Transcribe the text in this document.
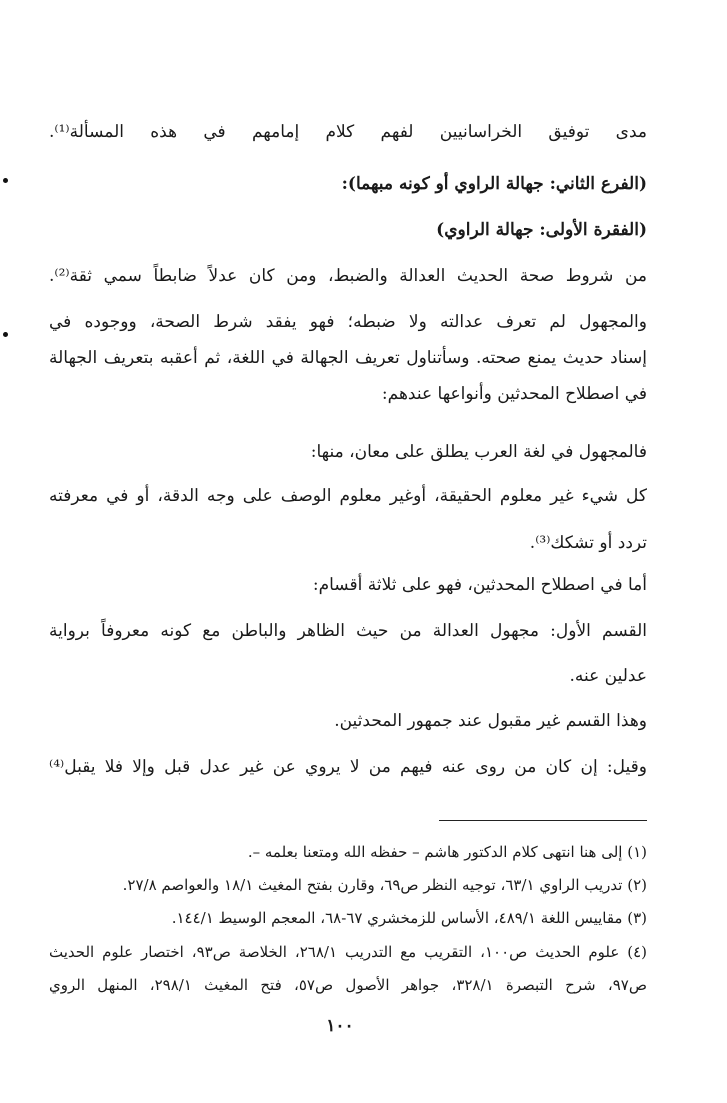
مدى توفيق الخراسانيين لفهم كلام إمامهم في هذه المسألة⁽¹⁾.
(الفرع الثاني: جهالة الراوي أو كونه مبهما):
(الفقرة الأولى: جهالة الراوي)
من شروط صحة الحديث العدالة والضبط، ومن كان عدلاً ضابطاً سمي ثقة⁽²⁾.
والمجهول لم تعرف عدالته ولا ضبطه؛ فهو يفقد شرط الصحة، ووجوده في
إسناد حديث يمنع صحته. وسأتناول تعريف الجهالة في اللغة، ثم أعقبه بتعريف الجهالة
في اصطلاح المحدثين وأنواعها عندهم:
فالمجهول في لغة العرب يطلق على معان، منها:
كل شيء غير معلوم الحقيقة، أوغير معلوم الوصف على وجه الدقة، أو في معرفته
تردد أو تشكك⁽³⁾.
أما في اصطلاح المحدثين، فهو على ثلاثة أقسام:
القسم الأول: مجهول العدالة من حيث الظاهر والباطن مع كونه معروفاً برواية
عدلين عنه.
وهذا القسم غير مقبول عند جمهور المحدثين.
وقيل: إن كان من روى عنه فيهم من لا يروي عن غير عدل قبل وإلا فلا يقبل⁽⁴⁾
(١) إلى هنا انتهى كلام الدكتور هاشم – حفظه الله ومتعنا بعلمه –.
(٢) تدريب الراوي ٦٣/١، توجيه النظر ص٦٩، وقارن بفتح المغيث ١٨/١ والعواصم ٢٧/٨.
(٣) مقاييس اللغة ٤٨٩/١، الأساس للزمخشري ٦٧-٦٨، المعجم الوسيط ١٤٤/١.
(٤) علوم الحديث ص١٠٠، التقريب مع التدريب ٢٦٨/١، الخلاصة ص٩٣، اختصار علوم الحديث
ص٩٧، شرح التبصرة ٣٢٨/١، جواهر الأصول ص٥٧، فتح المغيث ٢٩٨/١، المنهل الروي
١٠٠
